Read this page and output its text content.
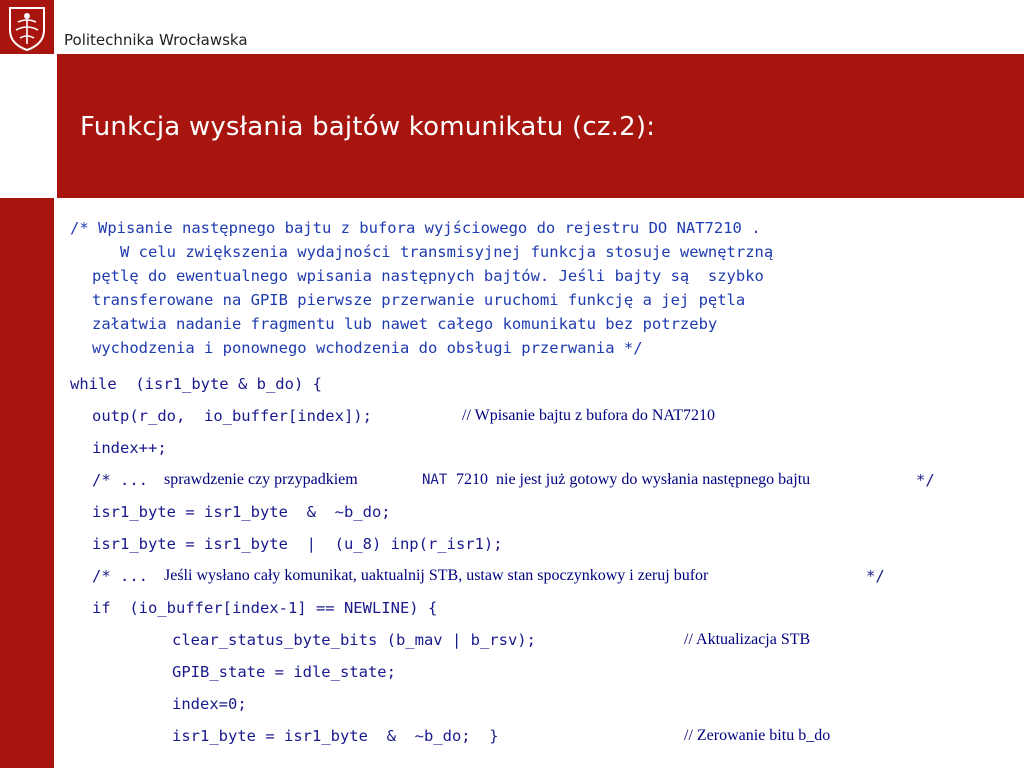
Politechnika Wrocławska
Funkcja wysłania bajtów komunikatu (cz.2):
/* Wpisanie następnego bajtu z bufora wyjściowego do rejestru DO NAT7210 .
W celu zwiększenia wydajności transmisyjnej funkcja stosuje wewnętrzną
pętlę do ewentualnego wpisania następnych bajtów. Jeśli bajty są  szybko
transferowane na GPIB pierwsze przerwanie uruchomi funkcję a jej pętla
załatwia nadanie fragmentu lub nawet całego komunikatu bez potrzeby
wychodzenia i ponownego wchodzenia do obsługi przerwania */
while  (isr1_byte & b_do) {
outp(r_do,  io_buffer[index]);	// Wpisanie bajtu z bufora do NAT7210
index++;
/* ... sprawdzenie czy przypadkiem	NAT 7210  nie jest już gotowy do wysłania następnego bajtu	*/
isr1_byte = isr1_byte  &  ~b_do;
isr1_byte = isr1_byte  |  (u_8) inp(r_isr1);
/* ... Jeśli wysłano cały komunikat, uaktualnij STB, ustaw stan spoczynkowy i zeruj bufor	*/
if  (io_buffer[index-1] == NEWLINE) {
clear_status_byte_bits (b_mav | b_rsv);	// Aktualizacja STB
GPIB_state = idle_state;
index=0;
isr1_byte = isr1_byte  &  ~b_do;  }	// Zerowanie bitu b_do
